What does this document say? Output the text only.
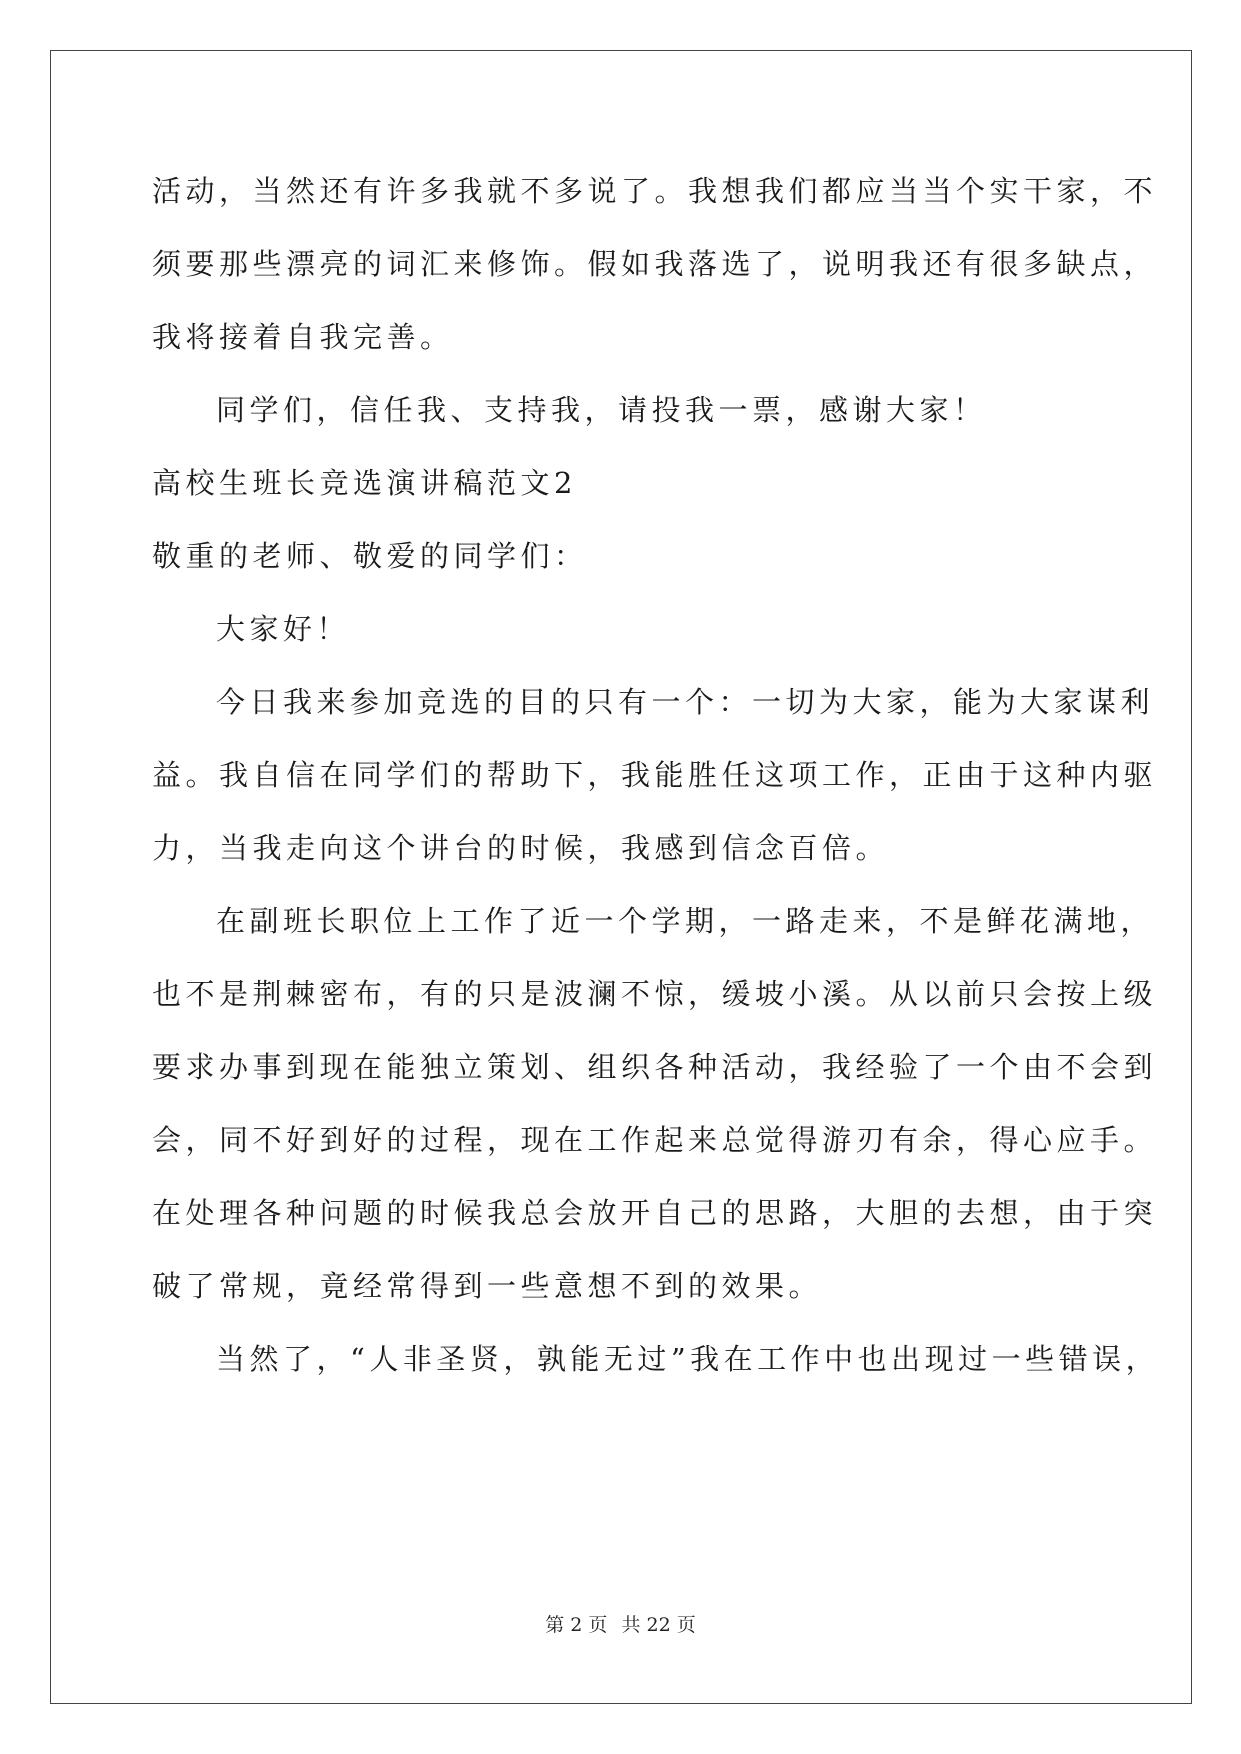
活动，当然还有许多我就不多说了。我想我们都应当当个实干家，不
须要那些漂亮的词汇来修饰。假如我落选了，说明我还有很多缺点，
我将接着自我完善。
同学们，信任我、支持我，请投我一票，感谢大家！
高校生班长竞选演讲稿范文2
敬重的老师、敬爱的同学们：
大家好！
今日我来参加竞选的目的只有一个：一切为大家，能为大家谋利
益。我自信在同学们的帮助下，我能胜任这项工作，正由于这种内驱
力，当我走向这个讲台的时候，我感到信念百倍。
在副班长职位上工作了近一个学期，一路走来，不是鲜花满地，
也不是荆棘密布，有的只是波澜不惊，缓坡小溪。从以前只会按上级
要求办事到现在能独立策划、组织各种活动，我经验了一个由不会到
会，同不好到好的过程，现在工作起来总觉得游刃有余，得心应手。
在处理各种问题的时候我总会放开自己的思路，大胆的去想，由于突
破了常规，竟经常得到一些意想不到的效果。
当然了，“人非圣贤，孰能无过”我在工作中也出现过一些错误，
第 2 页 共 22 页
